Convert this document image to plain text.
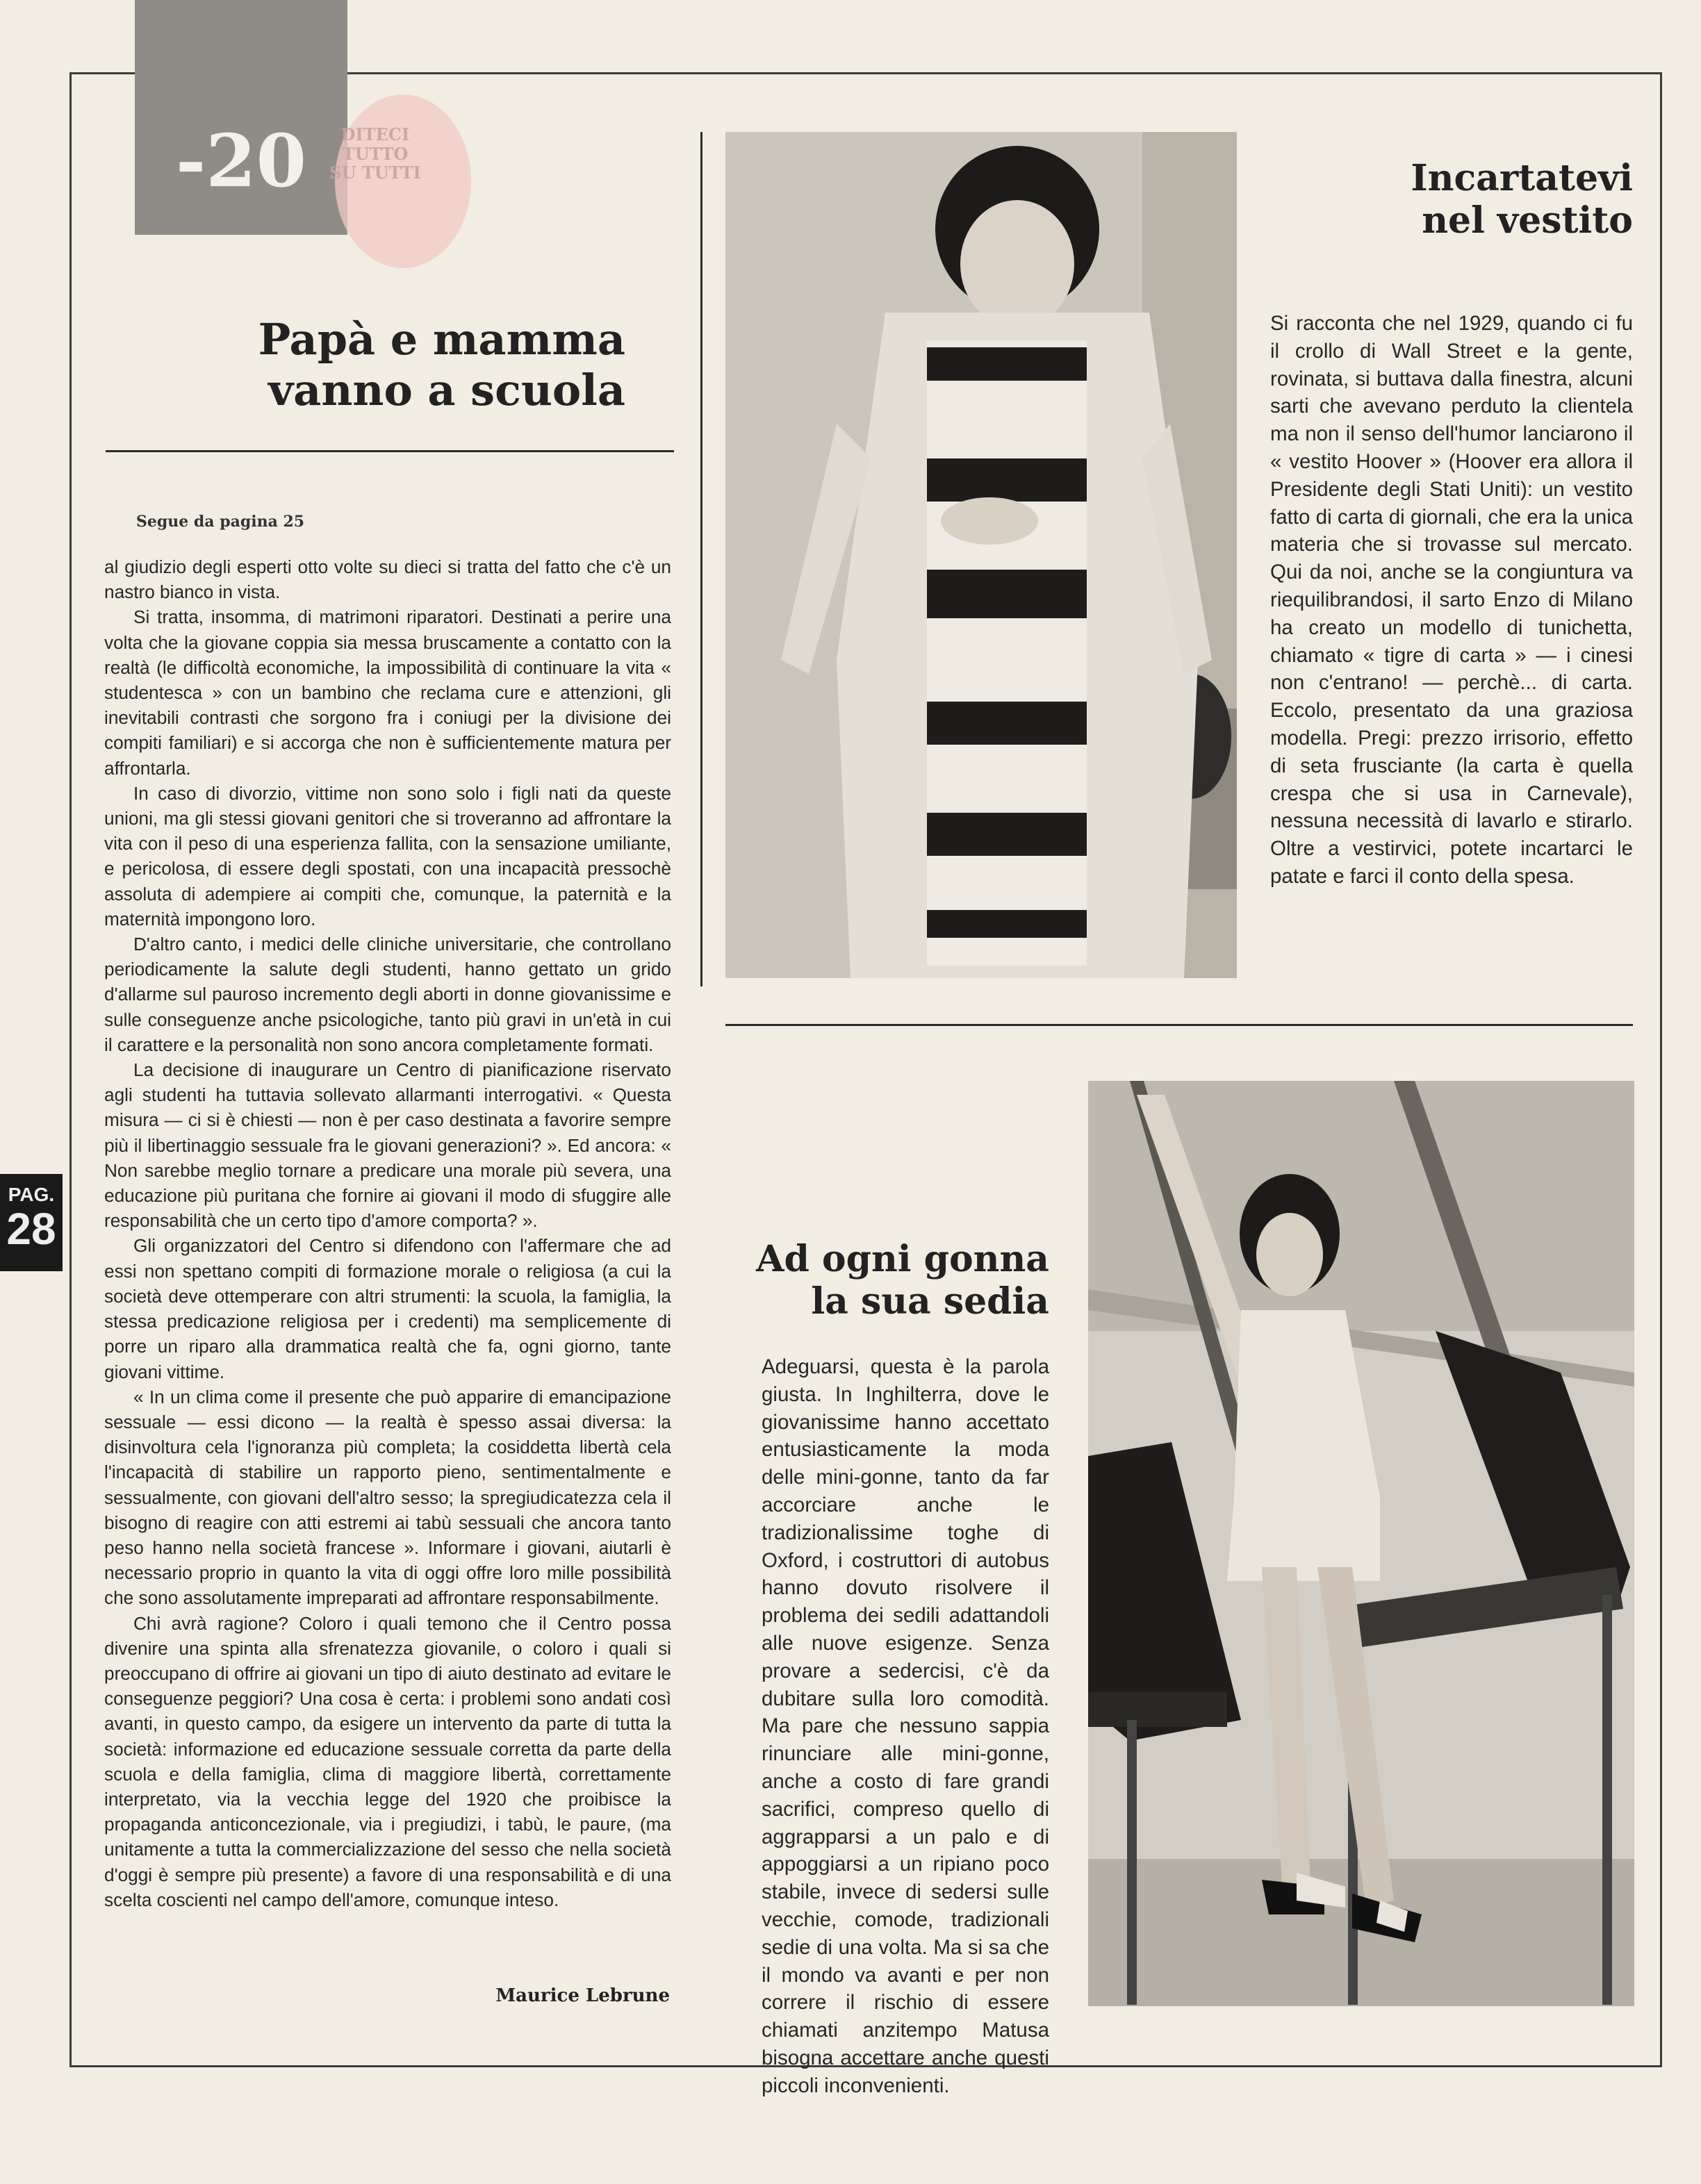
-20	DITECI TUTTO SU TUTTI
PAG.
28
Papà e mamma
vanno a scuola
Segue da pagina 25

al giudizio degli esperti otto volte su dieci si tratta del fatto che c'è un nastro bianco in vista.

Si tratta, insomma, di matrimoni riparatori. Destinati a perire una volta che la giovane coppia sia messa bruscamente a contatto con la realtà (le difficoltà economiche, la impossibilità di continuare la vita « studentesca » con un bambino che reclama cure e attenzioni, gli inevitabili contrasti che sorgono fra i coniugi per la divisione dei compiti familiari) e si accorga che non è sufficientemente matura per affrontarla.

In caso di divorzio, vittime non sono solo i figli nati da queste unioni, ma gli stessi giovani genitori che si troveranno ad affrontare la vita con il peso di una esperienza fallita, con la sensazione umiliante, e pericolosa, di essere degli spostati, con una incapacità pressochè assoluta di adempiere ai compiti che, comunque, la paternità e la maternità impongono loro.

D'altro canto, i medici delle cliniche universitarie, che controllano periodicamente la salute degli studenti, hanno gettato un grido d'allarme sul pauroso incremento degli aborti in donne giovanissime e sulle conseguenze anche psicologiche, tanto più gravi in un'età in cui il carattere e la personalità non sono ancora completamente formati.

La decisione di inaugurare un Centro di pianificazione riservato agli studenti ha tuttavia sollevato allarmanti interrogativi. « Questa misura — ci si è chiesti — non è per caso destinata a favorire sempre più il libertinaggio sessuale fra le giovani generazioni? ». Ed ancora: « Non sarebbe meglio tornare a predicare una morale più severa, una educazione più puritana che fornire ai giovani il modo di sfuggire alle responsabilità che un certo tipo d'amore comporta? ».

Gli organizzatori del Centro si difendono con l'affermare che ad essi non spettano compiti di formazione morale o religiosa (a cui la società deve ottemperare con altri strumenti: la scuola, la famiglia, la stessa predicazione religiosa per i credenti) ma semplicemente di porre un riparo alla drammatica realtà che fa, ogni giorno, tante giovani vittime.

« In un clima come il presente che può apparire di emancipazione sessuale — essi dicono — la realtà è spesso assai diversa: la disinvoltura cela l'ignoranza più completa; la cosiddetta libertà cela l'incapacità di stabilire un rapporto pieno, sentimentalmente e sessualmente, con giovani dell'altro sesso; la spregiudicatezza cela il bisogno di reagire con atti estremi ai tabù sessuali che ancora tanto peso hanno nella società francese ». Informare i giovani, aiutarli è necessario proprio in quanto la vita di oggi offre loro mille possibilità che sono assolutamente impreparati ad affrontare responsabilmente.

Chi avrà ragione? Coloro i quali temono che il Centro possa divenire una spinta alla sfrenatezza giovanile, o coloro i quali si preoccupano di offrire ai giovani un tipo di aiuto destinato ad evitare le conseguenze peggiori? Una cosa è certa: i problemi sono andati così avanti, in questo campo, da esigere un intervento da parte di tutta la società: informazione ed educazione sessuale corretta da parte della scuola e della famiglia, clima di maggiore libertà, correttamente interpretato, via la vecchia legge del 1920 che proibisce la propaganda anticoncezionale, via i pregiudizi, i tabù, le paure, (ma unitamente a tutta la commercializzazione del sesso che nella società d'oggi è sempre più presente) a favore di una responsabilità e di una scelta coscienti nel campo dell'amore, comunque inteso.

Maurice Lebrune
Incartatevi
nel vestito
Si racconta che nel 1929, quando ci fu il crollo di Wall Street e la gente, rovinata, si buttava dalla finestra, alcuni sarti che avevano perduto la clientela ma non il senso dell'humor lanciarono il « vestito Hoover » (Hoover era allora il Presidente degli Stati Uniti): un vestito fatto di carta di giornali, che era la unica materia che si trovasse sul mercato. Qui da noi, anche se la congiuntura va riequilibrandosi, il sarto Enzo di Milano ha creato un modello di tunichetta, chiamato « tigre di carta » — i cinesi non c'entrano! — perchè... di carta. Eccolo, presentato da una graziosa modella. Pregi: prezzo irrisorio, effetto di seta frusciante (la carta è quella crespa che si usa in Carnevale), nessuna necessità di lavarlo e stirarlo. Oltre a vestirvici, potete incartarci le patate e farci il conto della spesa.
Ad ogni gonna
la sua sedia
Adeguarsi, questa è la parola giusta. In Inghilterra, dove le giovanissime hanno accettato entusiasticamente la moda delle mini-gonne, tanto da far accorciare anche le tradizionalissime toghe di Oxford, i costruttori di autobus hanno dovuto risolvere il problema dei sedili adattandoli alle nuove esigenze. Senza provare a sedercisi, c'è da dubitare sulla loro comodità. Ma pare che nessuno sappia rinunciare alle mini-gonne, anche a costo di fare grandi sacrifici, compreso quello di aggrapparsi a un palo e di appoggiarsi a un ripiano poco stabile, invece di sedersi sulle vecchie, comode, tradizionali sedie di una volta. Ma si sa che il mondo va avanti e per non correre il rischio di essere chiamati anzitempo Matusa bisogna accettare anche questi piccoli inconvenienti.
